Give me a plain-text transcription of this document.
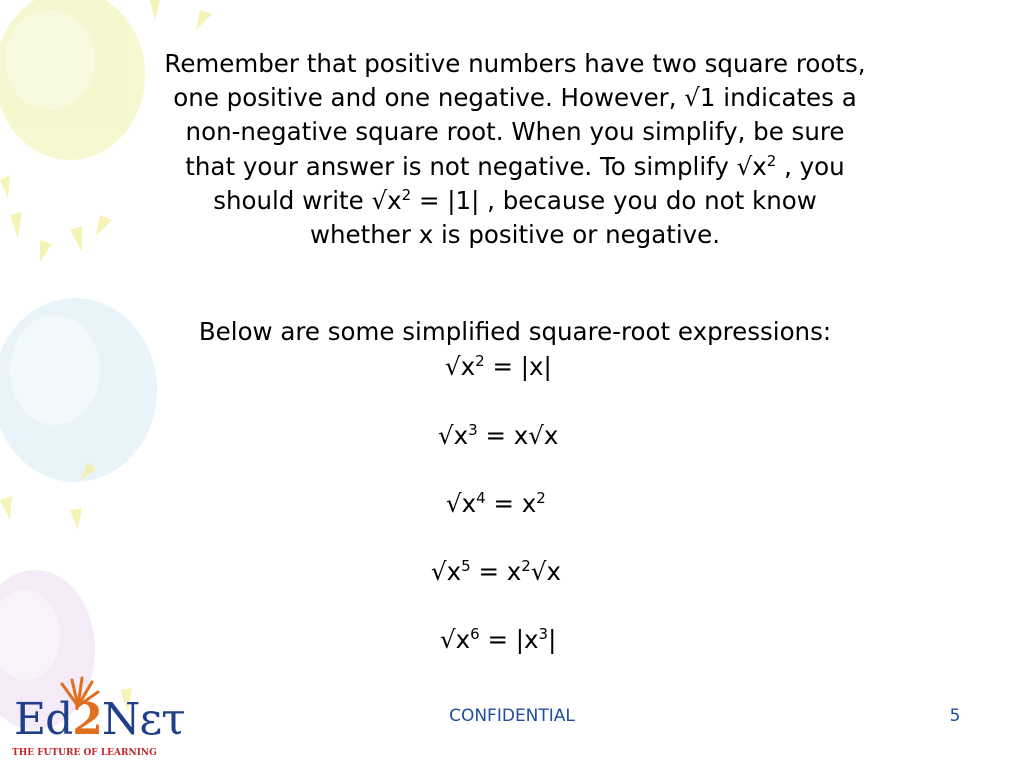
Remember that positive numbers have two square roots,
one positive and one negative. However, √1 indicates a
non-negative square root. When you simplify, be sure
that your answer is not negative. To simplify $√x^2$ , you
should write $√x^2 = |1|$ , because you do not know
whether x is positive or negative.
Below are some simplified square-root expressions:
$√x^2 = |x|$
$√x^3 = x√x$
$√x^4 = x^2$
$√x^5 = x^2√x$
$√x^6 = |x^3|$
Ed2Nετ
THE FUTURE OF LEARNING
CONFIDENTIAL	5
